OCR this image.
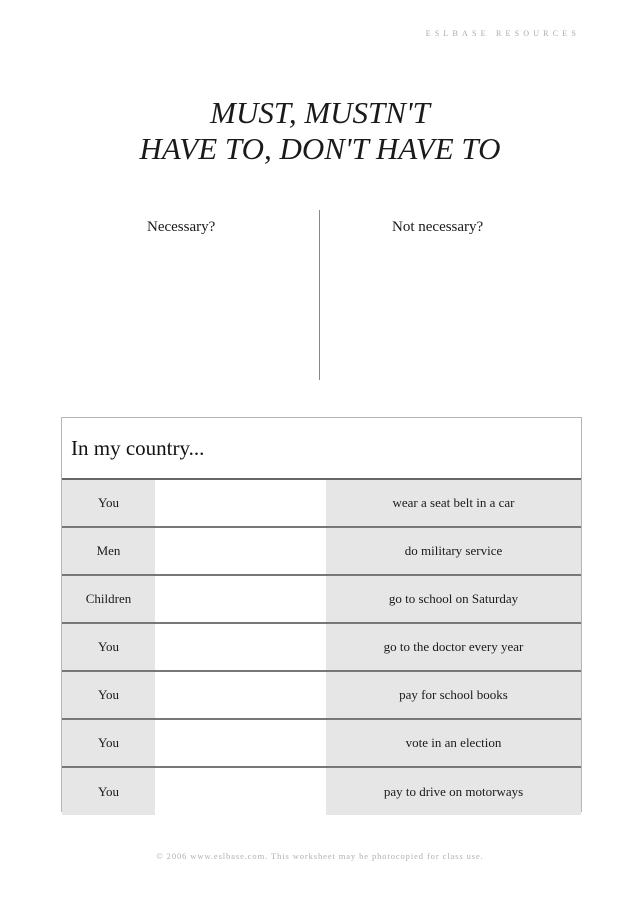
ESLBASE RESOURCES
MUST, MUSTN'T
HAVE TO, DON'T HAVE TO
Necessary?	Not necessary?
In my country...
You	wear a seat belt in a car
Men	do military service
Children	go to school on Saturday
You	go to the doctor every year
You	pay for school books
You	vote in an election
You	pay to drive on motorways
© 2006 www.eslbase.com. This worksheet may be photocopied for class use.
